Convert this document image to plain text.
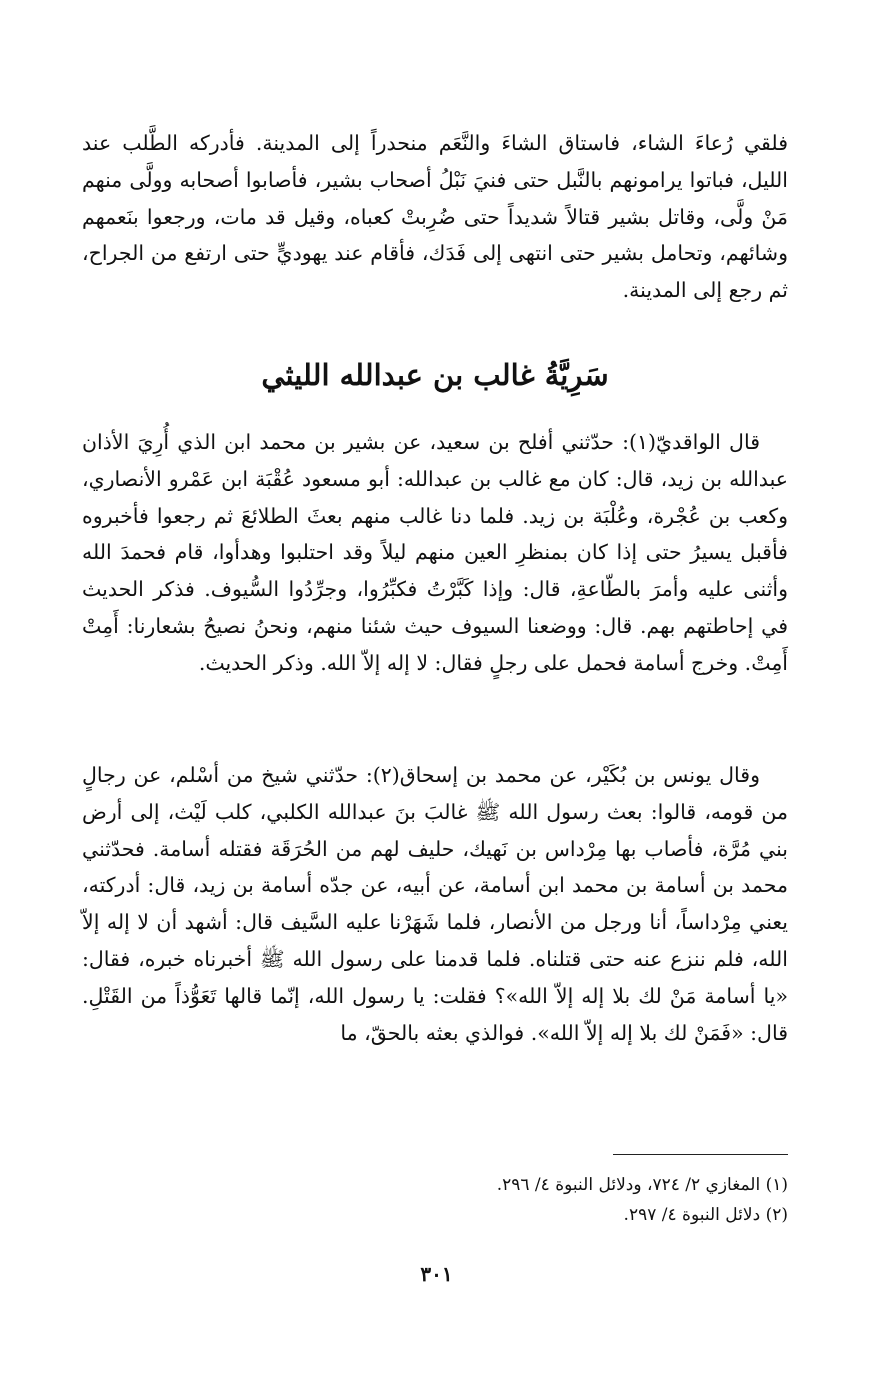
فلقي رُعاءَ الشاء، فاستاق الشاءَ والنَّعَم منحدراً إلى المدينة. فأدركه الطَّلب عند الليل، فباتوا يرامونهم بالنَّبل حتى فنيَ نَبْلُ أصحاب بشير، فأصابوا أصحابه وولَّى منهم مَنْ ولَّى، وقاتل بشير قتالاً شديداً حتى ضُرِبتْ كعباه، وقيل قد مات، ورجعوا بنَعمهم وشائهم، وتحامل بشير حتى انتهى إلى فَدَك، فأقام عند يهوديٍّ حتى ارتفع من الجراح، ثم رجع إلى المدينة.

سَرِيَّةُ غالب بن عبدالله الليثي

قال الواقديّ(١): حدّثني أفلح بن سعيد، عن بشير بن محمد ابن الذي أُرِيَ الأذان عبدالله بن زيد، قال: كان مع غالب بن عبدالله: أبو مسعود عُقْبَة ابن عَمْرو الأنصاري، وكعب بن عُجْرة، وعُلْبَة بن زيد. فلما دنا غالب منهم بعثَ الطلائعَ ثم رجعوا فأخبروه فأقبل يسيرُ حتى إذا كان بمنظرِ العين منهم ليلاً وقد احتلبوا وهدأوا، قام فحمدَ الله وأثنى عليه وأمرَ بالطّاعةِ، قال: وإذا كَبَّرْتُ فكبِّرُوا، وجرِّدُوا السُّيوف. فذكر الحديث في إحاطتهم بهم. قال: ووضعنا السيوف حيث شئنا منهم، ونحنُ نصيحُ بشعارنا: أَمِتْ أَمِتْ. وخرج أسامة فحمل على رجلٍ فقال: لا إله إلاّ الله. وذكر الحديث.

وقال يونس بن بُكَيْر، عن محمد بن إسحاق(٢): حدّثني شيخ من أسْلم، عن رجالٍ من قومه، قالوا: بعث رسول الله ﷺ غالبَ بنَ عبدالله الكلبي، كلب لَيْث، إلى أرض بني مُرَّة، فأصاب بها مِرْداس بن نَهيك، حليف لهم من الحُرَقَة فقتله أسامة. فحدّثني محمد بن أسامة بن محمد ابن أسامة، عن أبيه، عن جدّه أسامة بن زيد، قال: أدركته، يعني مِرْداساً، أنا ورجل من الأنصار، فلما شَهَرْنا عليه السَّيف قال: أشهد أن لا إله إلاّ الله، فلم ننزع عنه حتى قتلناه. فلما قدمنا على رسول الله ﷺ أخبرناه خبره، فقال: «يا أسامة مَنْ لك بلا إله إلاّ الله»؟ فقلت: يا رسول الله، إنّما قالها تَعَوُّذاً من القَتْلِ. قال: «فَمَنْ لك بلا إله إلاّ الله». فوالذي بعثه بالحقّ، ما

(١) المغازي ٢/ ٧٢٤، ودلائل النبوة ٤/ ٢٩٦.

(٢) دلائل النبوة ٤/ ٢٩٧.

٣٠١
